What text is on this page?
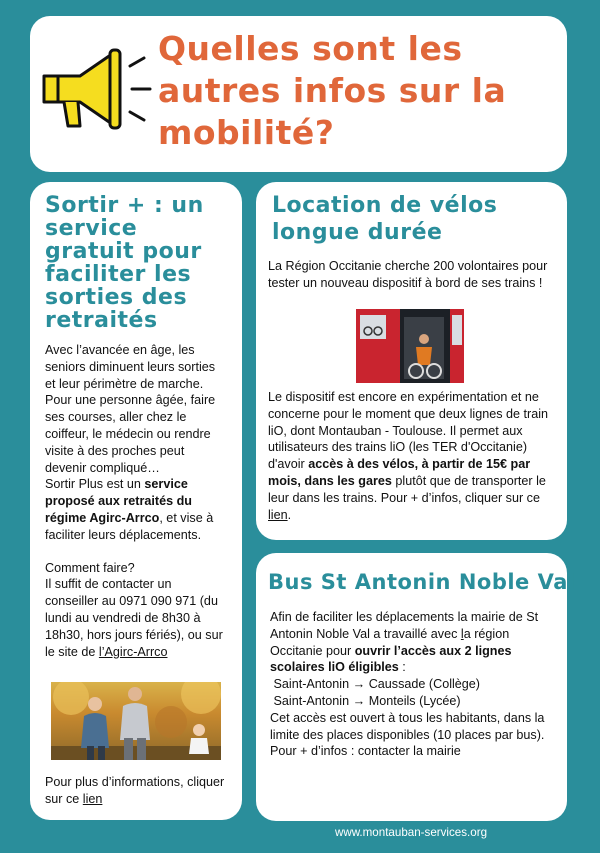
Quelles sont les
autres infos sur la
mobilité?
Sortir + : un service gratuit pour faciliter les sorties des retraités

Avec l’avancée en âge, les seniors diminuent leurs sorties et leur périmètre de marche. Pour une personne âgée, faire ses courses, aller chez le coiffeur, le médecin ou rendre visite à des proches peut devenir compliqué…
Sortir Plus est un service proposé aux retraités du régime Agirc-Arrco, et vise à faciliter leurs déplacements.

Comment faire?
Il suffit de contacter un conseiller au 0971 090 971 (du lundi au vendredi de 8h30 à 18h30, hors jours fériés), ou sur le site de l’Agirc-Arrco

Pour plus d’informations, cliquer sur ce lien

Location de vélos longue durée

La Région Occitanie cherche 200 volontaires pour tester un nouveau dispositif à bord de ses trains !

Le dispositif est encore en expérimentation et ne concerne pour le moment que deux lignes de train liO, dont Montauban - Toulouse. Il permet aux utilisateurs des trains liO (les TER d'Occitanie) d'avoir accès à des vélos, à partir de 15€ par mois, dans les gares plutôt que de transporter le leur dans les trains. Pour + d’infos, cliquer sur ce lien.

Bus St Antonin Noble Val

Afin de faciliter les déplacements la mairie de St Antonin Noble Val a travaillé avec la région Occitanie pour ouvrir l’accès aux 2 lignes scolaires liO éligibles :
Saint-Antonin → Caussade (Collège)
Saint-Antonin → Monteils (Lycée)
Cet accès est ouvert à tous les habitants, dans la limite des places disponibles (10 places par bus).
Pour + d’infos : contacter la mairie

Contact : mobilite82@montauban-services.org
06 70 43 16 76 et 05 63 65 65 56
www.montauban-services.org
